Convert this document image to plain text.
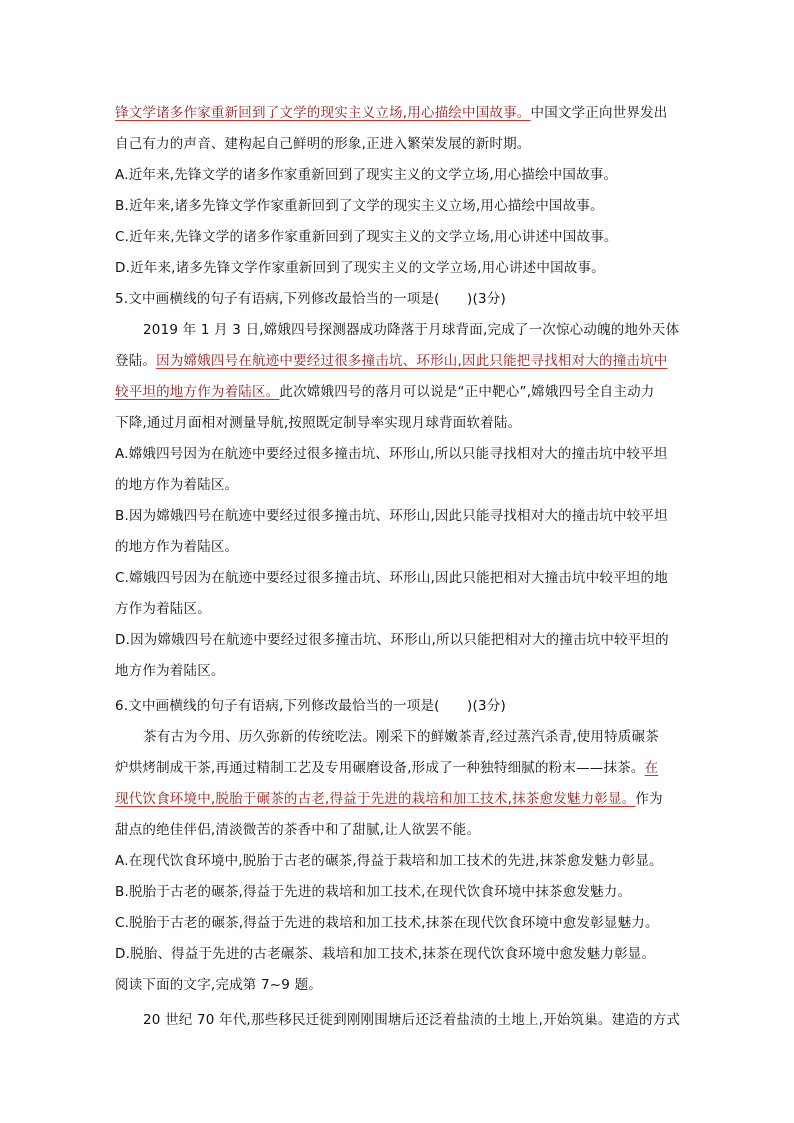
锋文学诸多作家重新回到了文学的现实主义立场,用心描绘中国故事。中国文学正向世界发出
自己有力的声音、建构起自己鲜明的形象,正进入繁荣发展的新时期。
A.近年来,先锋文学的诸多作家重新回到了现实主义的文学立场,用心描绘中国故事。
B.近年来,诸多先锋文学作家重新回到了文学的现实主义立场,用心描绘中国故事。
C.近年来,先锋文学的诸多作家重新回到了现实主义的文学立场,用心讲述中国故事。
D.近年来,诸多先锋文学作家重新回到了现实主义的文学立场,用心讲述中国故事。
5.文中画横线的句子有语病,下列修改最恰当的一项是(　　)(3分)
2019 年 1 月 3 日,嫦娥四号探测器成功降落于月球背面,完成了一次惊心动魄的地外天体
登陆。因为嫦娥四号在航迹中要经过很多撞击坑、环形山,因此只能把寻找相对大的撞击坑中
较平坦的地方作为着陆区。此次嫦娥四号的落月可以说是“正中靶心”,嫦娥四号全自主动力
下降,通过月面相对测量导航,按照既定制导率实现月球背面软着陆。
A.嫦娥四号因为在航迹中要经过很多撞击坑、环形山,所以只能寻找相对大的撞击坑中较平坦
的地方作为着陆区。
B.因为嫦娥四号在航迹中要经过很多撞击坑、环形山,因此只能寻找相对大的撞击坑中较平坦
的地方作为着陆区。
C.嫦娥四号因为在航迹中要经过很多撞击坑、环形山,因此只能把相对大撞击坑中较平坦的地
方作为着陆区。
D.因为嫦娥四号在航迹中要经过很多撞击坑、环形山,所以只能把相对大的撞击坑中较平坦的
地方作为着陆区。
6.文中画横线的句子有语病,下列修改最恰当的一项是(　　)(3分)
茶有古为今用、历久弥新的传统吃法。刚采下的鲜嫩茶青,经过蒸汽杀青,使用特质碾茶
炉烘烤制成干茶,再通过精制工艺及专用碾磨设备,形成了一种独特细腻的粉末——抹茶。在
现代饮食环境中,脱胎于碾茶的古老,得益于先进的栽培和加工技术,抹茶愈发魅力彰显。作为
甜点的绝佳伴侣,清淡微苦的茶香中和了甜腻,让人欲罢不能。
A.在现代饮食环境中,脱胎于古老的碾茶,得益于栽培和加工技术的先进,抹茶愈发魅力彰显。
B.脱胎于古老的碾茶,得益于先进的栽培和加工技术,在现代饮食环境中抹茶愈发魅力。
C.脱胎于古老的碾茶,得益于先进的栽培和加工技术,抹茶在现代饮食环境中愈发彰显魅力。
D.脱胎、得益于先进的古老碾茶、栽培和加工技术,抹茶在现代饮食环境中愈发魅力彰显。
阅读下面的文字,完成第 7~9 题。
20 世纪 70 年代,那些移民迁徙到刚刚围塘后还泛着盐渍的土地上,开始筑巢。建造的方式
